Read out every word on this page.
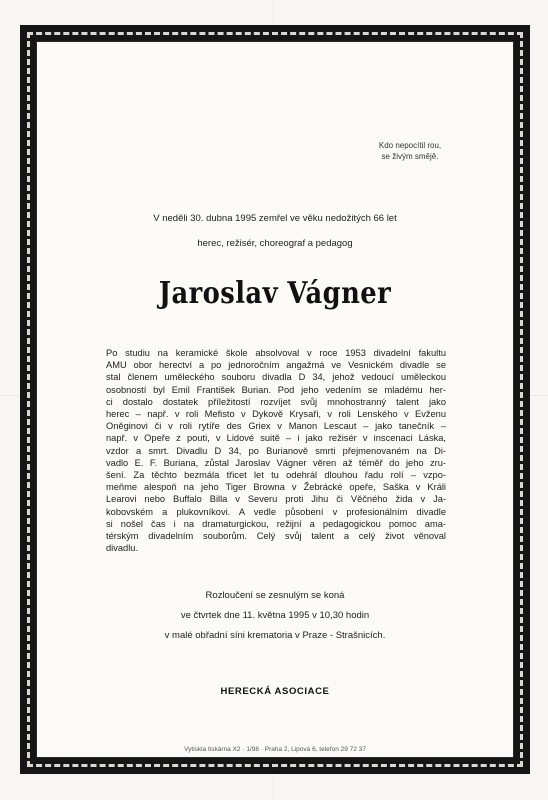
Kdo nepocítil rou,
se živým smějě.
V neděli 30. dubna 1995 zemřel ve věku nedožitých 66 let
herec, režisér, choreograf a pedagog
Jaroslav Vágner
Po studiu na keramické škole absolvoval v roce 1953 divadelní fakultu
AMU obor herectví a po jednoročním angažmá ve Vesnickém divadle se
stal členem uměleckého souboru divadla D 34, jehož vedoucí uměleckou
osobností byl Emil František Burian. Pod jeho vedením se mladému her-
ci dostalo dostatek příležitostí rozvíjet svůj mnohostranný talent jako
herec – např. v roli Mefisto v Dykově Krysaři, v roli Lenského v Evženu
Oněginovi či v roli rytíře des Griex v Manon Lescaut – jako tanečník –
např. v Opeře z pouti, v Lidové suitě – i jako režisér v inscenaci Láska,
vzdor a smrt. Divadlu D 34, po Burianově smrti přejmenovaném na Di-
vadlo E. F. Buriana, zůstal Jaroslav Vágner věren až téměř do jeho zru-
šení. Za těchto bezmála třicet let tu odehrál dlouhou řadu rolí – vzpo-
meňme alespoň na jeho Tiger Browna v Žebrácké opeře, Saška v Králi
Learovi nebo Buffalo Billa v Severu proti Jihu či Věčného žida v Ja-
kobovském a plukovníkovi. A vedle působení v profesionálním divadle
si nošel čas i na dramaturgickou, režijní a pedagogickou pomoc ama-
térským divadelním souborům. Celý svůj talent a celý život věnoval
divadlu.
Rozloučení se zesnulým se koná
ve čtvrtek dne 11. května 1995 v 10,30 hodin
v malé obřadní síni krematoria v Praze - Strašnicích.
HERECKÁ ASOCIACE
Vytiskla tiskárna X2 · 1/98 · Praha 2, Lipová 6, telefon 29 72 37
